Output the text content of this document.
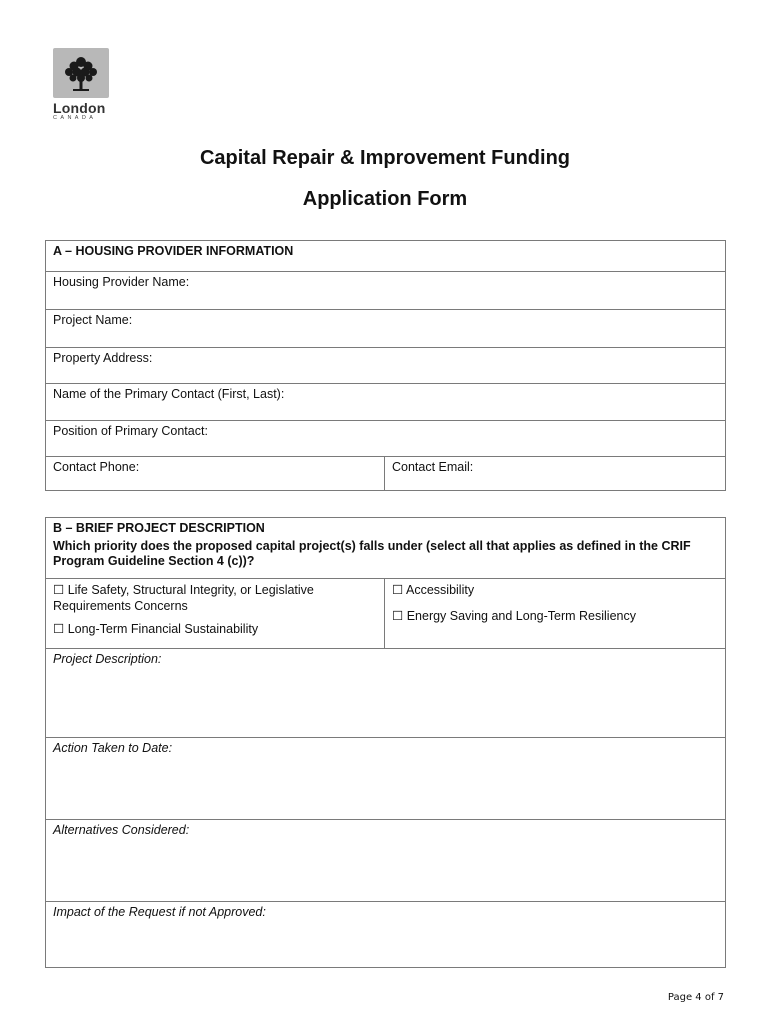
London
CANADA
Capital Repair & Improvement Funding
Application Form
A – HOUSING PROVIDER INFORMATION
Housing Provider Name:
Project Name:
Property Address:
Name of the Primary Contact (First, Last):
Position of Primary Contact:
Contact Phone:	Contact Email:
B – BRIEF PROJECT DESCRIPTION
Which priority does the proposed capital project(s) falls under (select all that applies as defined in the CRIF Program Guideline Section 4 (c))?

☐ Life Safety, Structural Integrity, or Legislative Requirements Concerns
☐ Long-Term Financial Sustainability

☐ Accessibility
☐ Energy Saving and Long-Term Resiliency

Project Description:
Action Taken to Date:
Alternatives Considered:
Impact of the Request if not Approved:
Page 4 of 7
